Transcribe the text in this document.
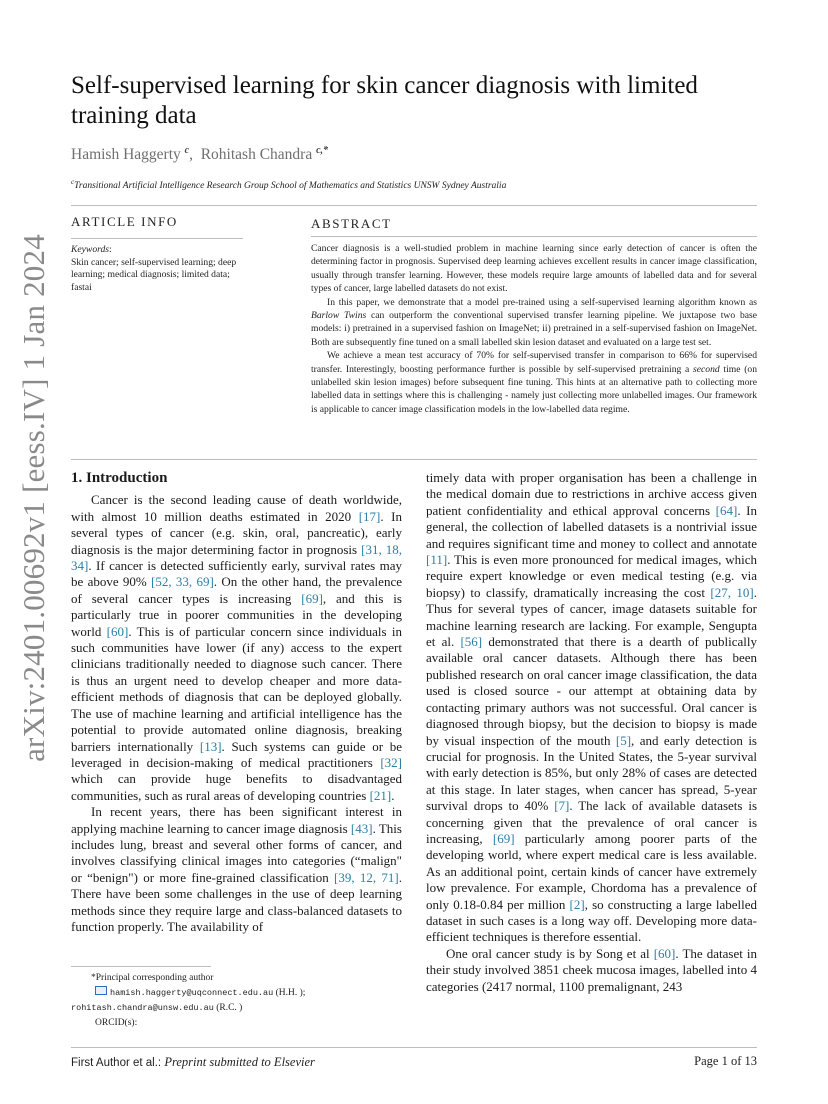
arXiv:2401.00692v1 [eess.IV] 1 Jan 2024
Self-supervised learning for skin cancer diagnosis with limited training data
Hamish Haggerty $^c$, Rohitash Chandra $^{c,*}$
$^c$Transitional Artificial Intelligence Research Group School of Mathematics and Statistics UNSW Sydney Australia
ARTICLE INFO	ABSTRACT
Keywords:
Skin cancer; self-supervised learning; deep learning; medical diagnosis; limited data; fastai

Cancer diagnosis is a well-studied problem in machine learning since early detection of cancer is often the determining factor in prognosis. Supervised deep learning achieves excellent results in cancer image classification, usually through transfer learning. However, these models require large amounts of labelled data and for several types of cancer, large labelled datasets do not exist.

In this paper, we demonstrate that a model pre-trained using a self-supervised learning algorithm known as Barlow Twins can outperform the conventional supervised transfer learning pipeline. We juxtapose two base models: i) pretrained in a supervised fashion on ImageNet; ii) pretrained in a self-supervised fashion on ImageNet. Both are subsequently fine tuned on a small labelled skin lesion dataset and evaluated on a large test set.

We achieve a mean test accuracy of 70% for self-supervised transfer in comparison to 66% for supervised transfer. Interestingly, boosting performance further is possible by self-supervised pretraining a second time (on unlabelled skin lesion images) before subsequent fine tuning. This hints at an alternative path to collecting more labelled data in settings where this is challenging - namely just collecting more unlabelled images. Our framework is applicable to cancer image classification models in the low-labelled data regime.

1. Introduction

Cancer is the second leading cause of death worldwide, with almost 10 million deaths estimated in 2020 [17]. In several types of cancer (e.g. skin, oral, pancreatic), early diagnosis is the major determining factor in prognosis [31, 18, 34]. If cancer is detected sufficiently early, survival rates may be above 90% [52, 33, 69]. On the other hand, the prevalence of several cancer types is increasing [69], and this is particularly true in poorer communities in the developing world [60]. This is of particular concern since individuals in such communities have lower (if any) access to the expert clinicians traditionally needed to diagnose such cancer. There is thus an urgent need to develop cheaper and more data-efficient methods of diagnosis that can be deployed globally. The use of machine learning and artificial intelligence has the potential to provide automated online diagnosis, breaking barriers internationally [13]. Such systems can guide or be leveraged in decision-making of medical practitioners [32] which can provide huge benefits to disadvantaged communities, such as rural areas of developing countries [21].

In recent years, there has been significant interest in applying machine learning to cancer image diagnosis [43]. This includes lung, breast and several other forms of cancer, and involves classifying clinical images into categories (“malign" or “benign") or more fine-grained classification [39, 12, 71]. There have been some challenges in the use of deep learning methods since they require large and class-balanced datasets to function properly. The availability of

timely data with proper organisation has been a challenge in the medical domain due to restrictions in archive access given patient confidentiality and ethical approval concerns [64]. In general, the collection of labelled datasets is a nontrivial issue and requires significant time and money to collect and annotate [11]. This is even more pronounced for medical images, which require expert knowledge or even medical testing (e.g. via biopsy) to classify, dramatically increasing the cost [27, 10]. Thus for several types of cancer, image datasets suitable for machine learning research are lacking. For example, Sengupta et al. [56] demonstrated that there is a dearth of publically available oral cancer datasets. Although there has been published research on oral cancer image classification, the data used is closed source - our attempt at obtaining data by contacting primary authors was not successful. Oral cancer is diagnosed through biopsy, but the decision to biopsy is made by visual inspection of the mouth [5], and early detection is crucial for prognosis. In the United States, the 5-year survival with early detection is 85%, but only 28% of cases are detected at this stage. In later stages, when cancer has spread, 5-year survival drops to 40% [7]. The lack of available datasets is concerning given that the prevalence of oral cancer is increasing, [69] particularly among poorer parts of the developing world, where expert medical care is less available. As an additional point, certain kinds of cancer have extremely low prevalence. For example, Chordoma has a prevalence of only 0.18-0.84 per million [2], so constructing a large labelled dataset in such cases is a long way off. Developing more data-efficient techniques is therefore essential.

One oral cancer study is by Song et al [60]. The dataset in their study involved 3851 cheek mucosa images, labelled into 4 categories (2417 normal, 1100 premalignant, 243

*Principal corresponding author
hamish.haggerty@uqconnect.edu.au (H.H. );
rohitash.chandra@unsw.edu.au (R.C. )
ORCID(s):
First Author et al.: Preprint submitted to Elsevier	Page 1 of 13
